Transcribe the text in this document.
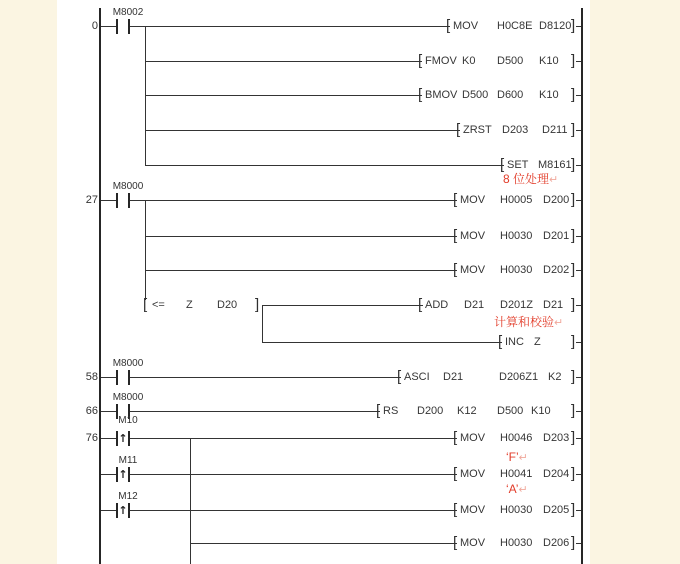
0
27
58
66
76
M8002
M8000
M8000
M8000
↑
M10
↑
M11
↑
M12
[ MOV H0C8E D8120 ]
[ FMOV K0 D500 K10 ]
[ BMOV D500 D600 K10 ]
[ ZRST D203 D211 ]
[ SET M8161 ]
[ MOV H0005 D200 ]
[ MOV H0030 D201 ]
[ MOV H0030 D202 ]
[ <= Z D20 ]	[ ADD D21 D201Z D21 ]
[ INC Z ]
[ ASCI D21	D206Z1 K2 ]
[ RS D200 K12 D500 K10 ]
[ MOV H0046 D203 ]
[ MOV H0041 D204 ]
[ MOV H0030 D205 ]
[ MOV H0030 D206 ]
8 位处理↵
计算和校验↵
‘F’↵
‘A’↵
